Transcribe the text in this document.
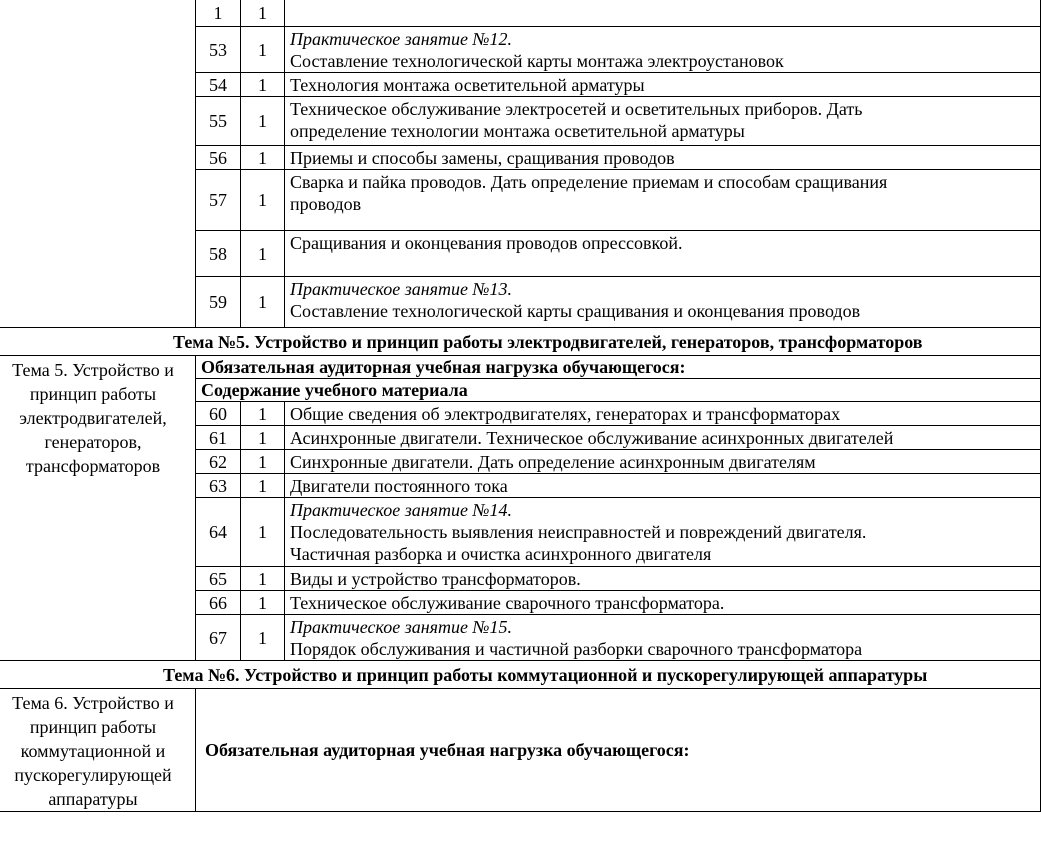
	1	1	

	53	1	Практическое занятие №12.
Составление технологической карты монтажа электроустановок

	54	1	Технология монтажа осветительной арматуры

	55	1	Техническое обслуживание электросетей и осветительных приборов. Дать
определение технологии монтажа осветительной арматуры

	56	1	Приемы и способы замены, сращивания проводов

	57	1	Сварка и пайка проводов. Дать определение приемам и способам сращивания
проводов

	58	1	Сращивания и оконцевания проводов опрессовкой.

	59	1	Практическое занятие №13.
Составление технологической карты сращивания и оконцевания проводов

Тема №5. Устройство и принцип работы электродвигателей, генераторов, трансформаторов			
Тема 5. Устройство и принцип работы электродвигателей, генераторов, трансформаторов	Обязательная аудиторная учебная нагрузка обучающегося:		
	Содержание учебного материала		
	60	1	Общие сведения об электродвигателях, генераторах и трансформаторах

	61	1	Асинхронные двигатели. Техническое обслуживание асинхронных двигателей

	62	1	Синхронные двигатели. Дать определение асинхронным двигателям

	63	1	Двигатели постоянного тока

	64	1	Практическое занятие №14.
Последовательность выявления неисправностей и повреждений двигателя.
Частичная разборка и очистка асинхронного двигателя

	65	1	Виды и устройство трансформаторов.

	66	1	Техническое обслуживание сварочного трансформатора.

	67	1	Практическое занятие №15.
Порядок обслуживания и частичной разборки сварочного трансформатора

Тема №6. Устройство и принцип работы коммутационной и пускорегулирующей аппаратуры			
Тема 6. Устройство и принцип работы коммутационной и пускорегулирующей аппаратуры	Обязательная аудиторная учебная нагрузка обучающегося:		
